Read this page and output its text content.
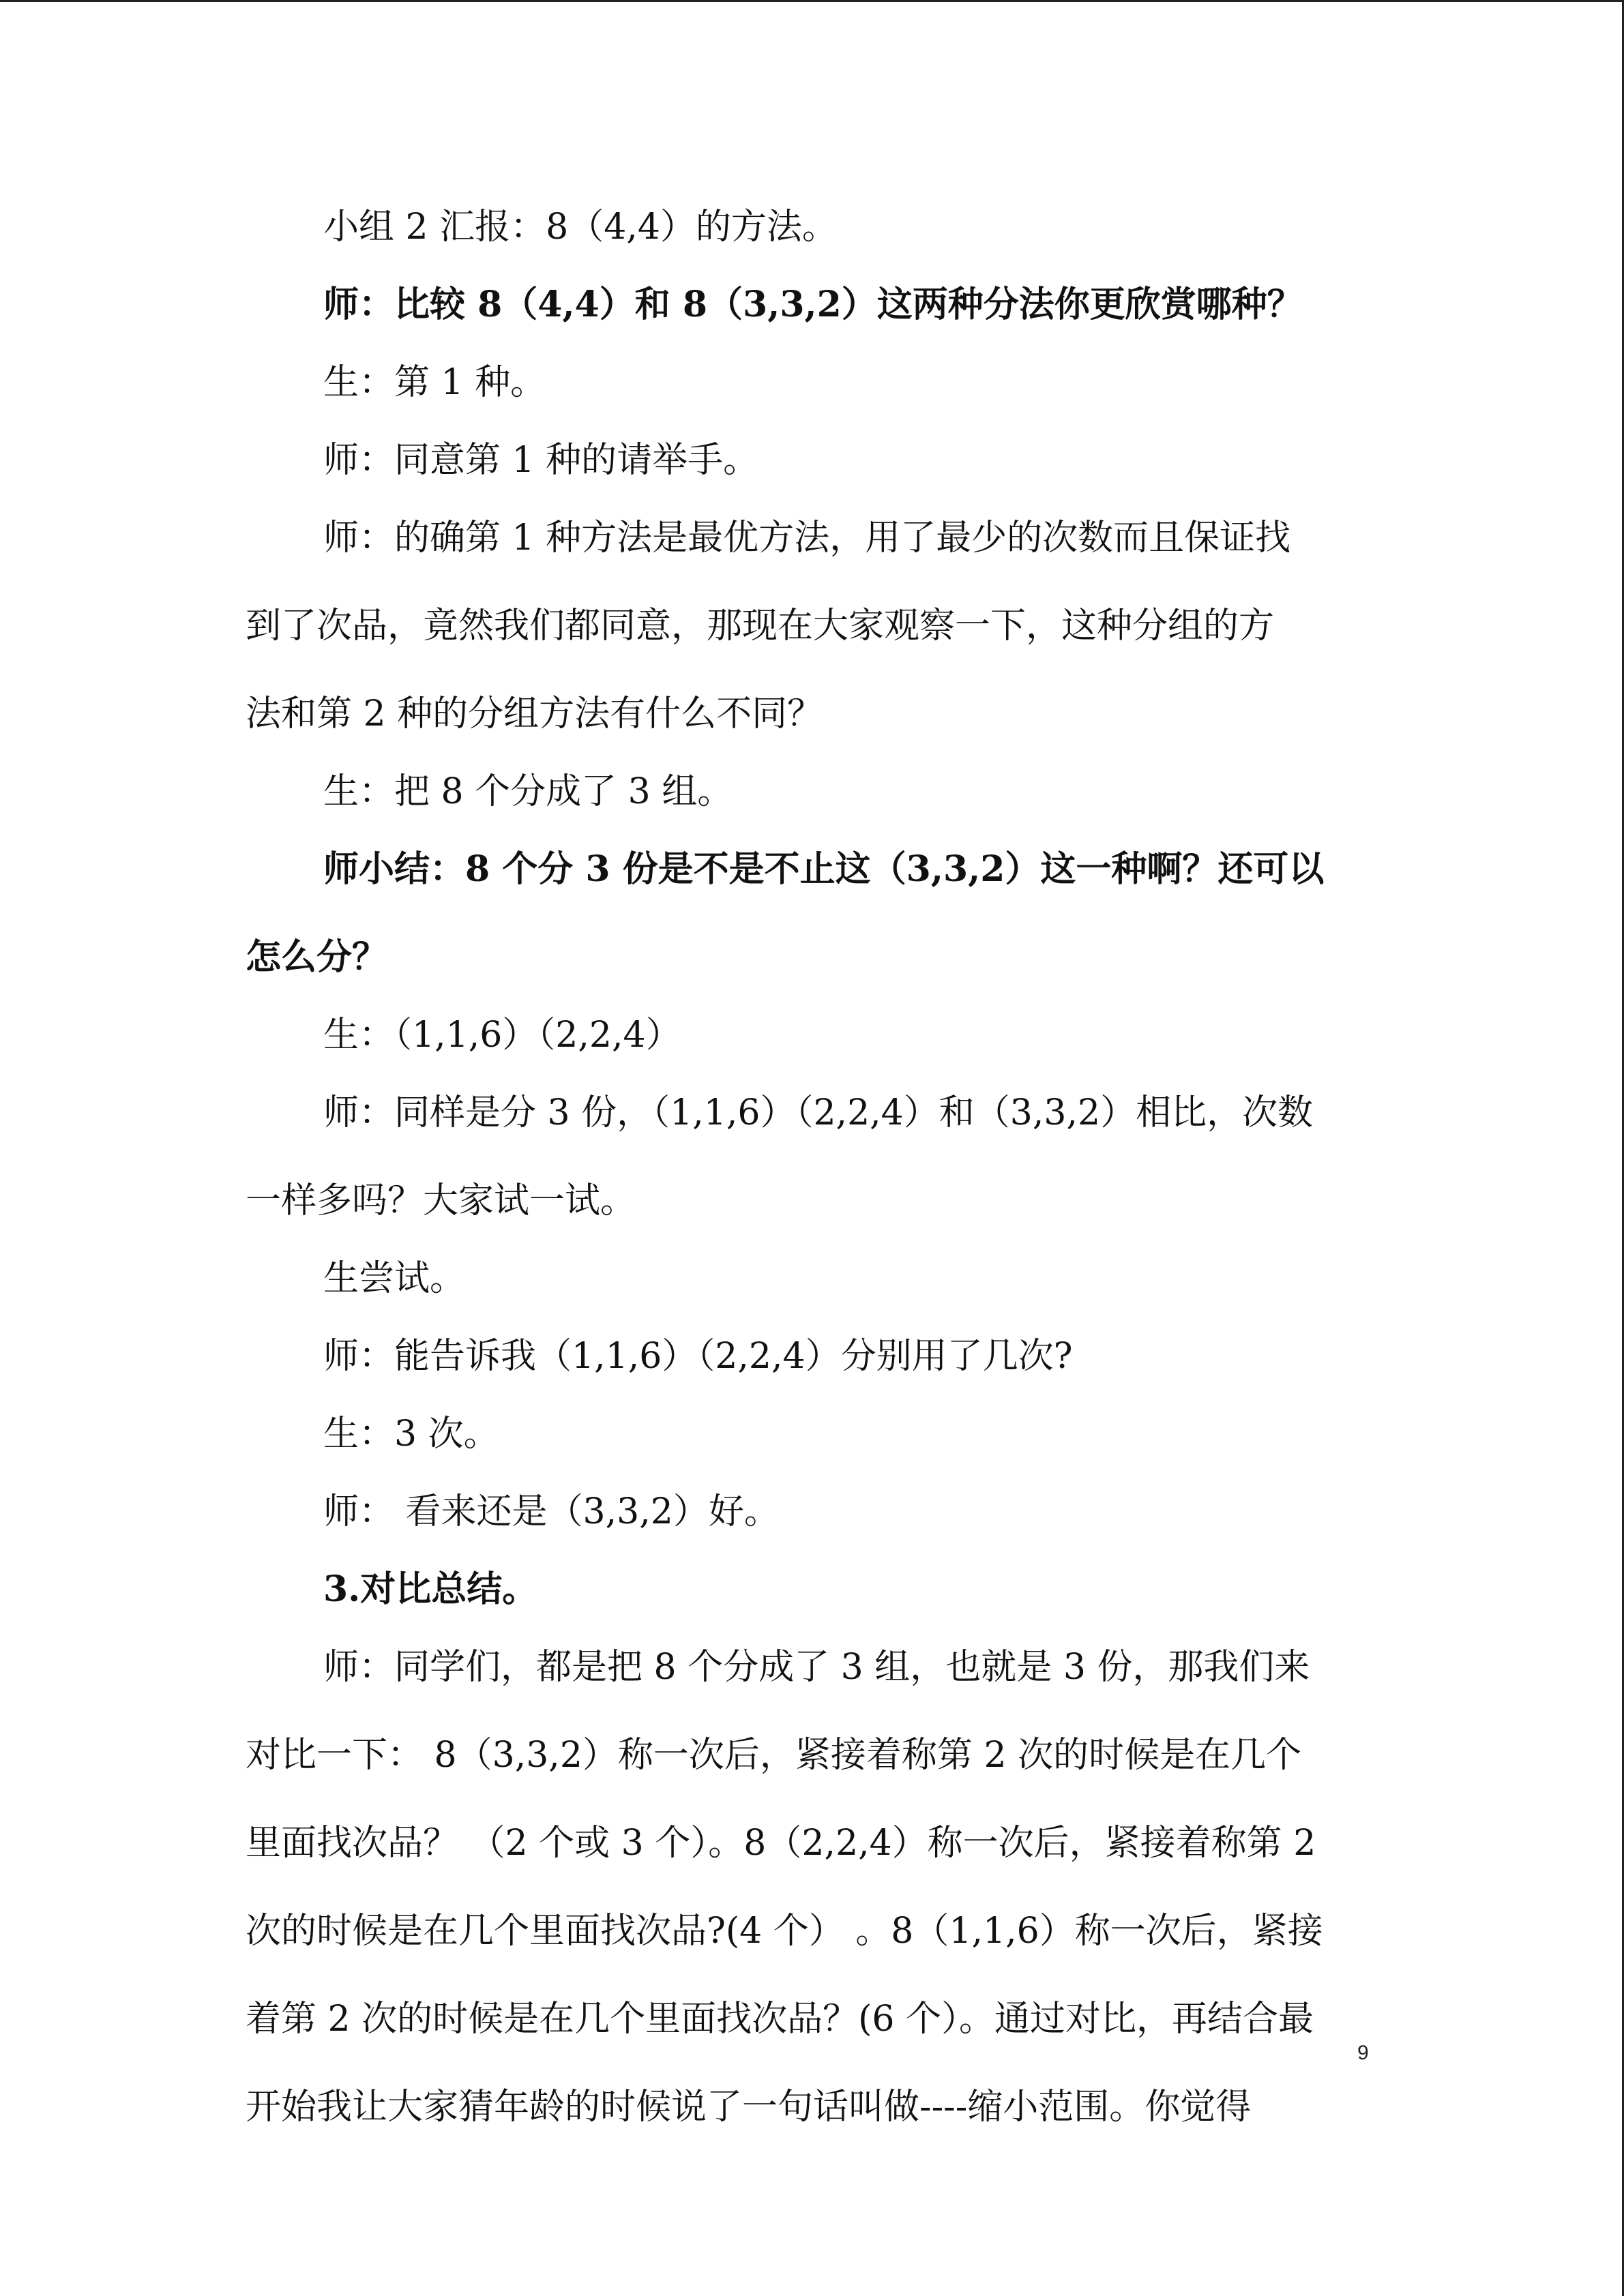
小组 2 汇报：8（4,4）的方法。
师：比较 8（4,4）和 8（3,3,2）这两种分法你更欣赏哪种？
生：第 1 种。
师：同意第 1 种的请举手。
师：的确第 1 种方法是最优方法，用了最少的次数而且保证找
到了次品，竟然我们都同意，那现在大家观察一下，这种分组的方
法和第 2 种的分组方法有什么不同？
生：把 8 个分成了 3 组。
师小结：8 个分 3 份是不是不止这（3,3,2）这一种啊？还可以
怎么分？
生：（1,1,6）（2,2,4）
师：同样是分 3 份，（1,1,6）（2,2,4）和（3,3,2）相比，次数
一样多吗？大家试一试。
生尝试。
师：能告诉我（1,1,6）（2,2,4）分别用了几次?
生：3 次。
师： 看来还是（3,3,2）好。
3.对比总结。
师：同学们，都是把 8 个分成了 3 组，也就是 3 份，那我们来
对比一下： 8（3,3,2）称一次后，紧接着称第 2 次的时候是在几个
里面找次品？ （2 个或 3 个）。8（2,2,4）称一次后，紧接着称第 2
次的时候是在几个里面找次品?(4 个） 。8（1,1,6）称一次后，紧接
着第 2 次的时候是在几个里面找次品？(6 个）。通过对比，再结合最
开始我让大家猜年龄的时候说了一句话叫做----缩小范围。你觉得
9
